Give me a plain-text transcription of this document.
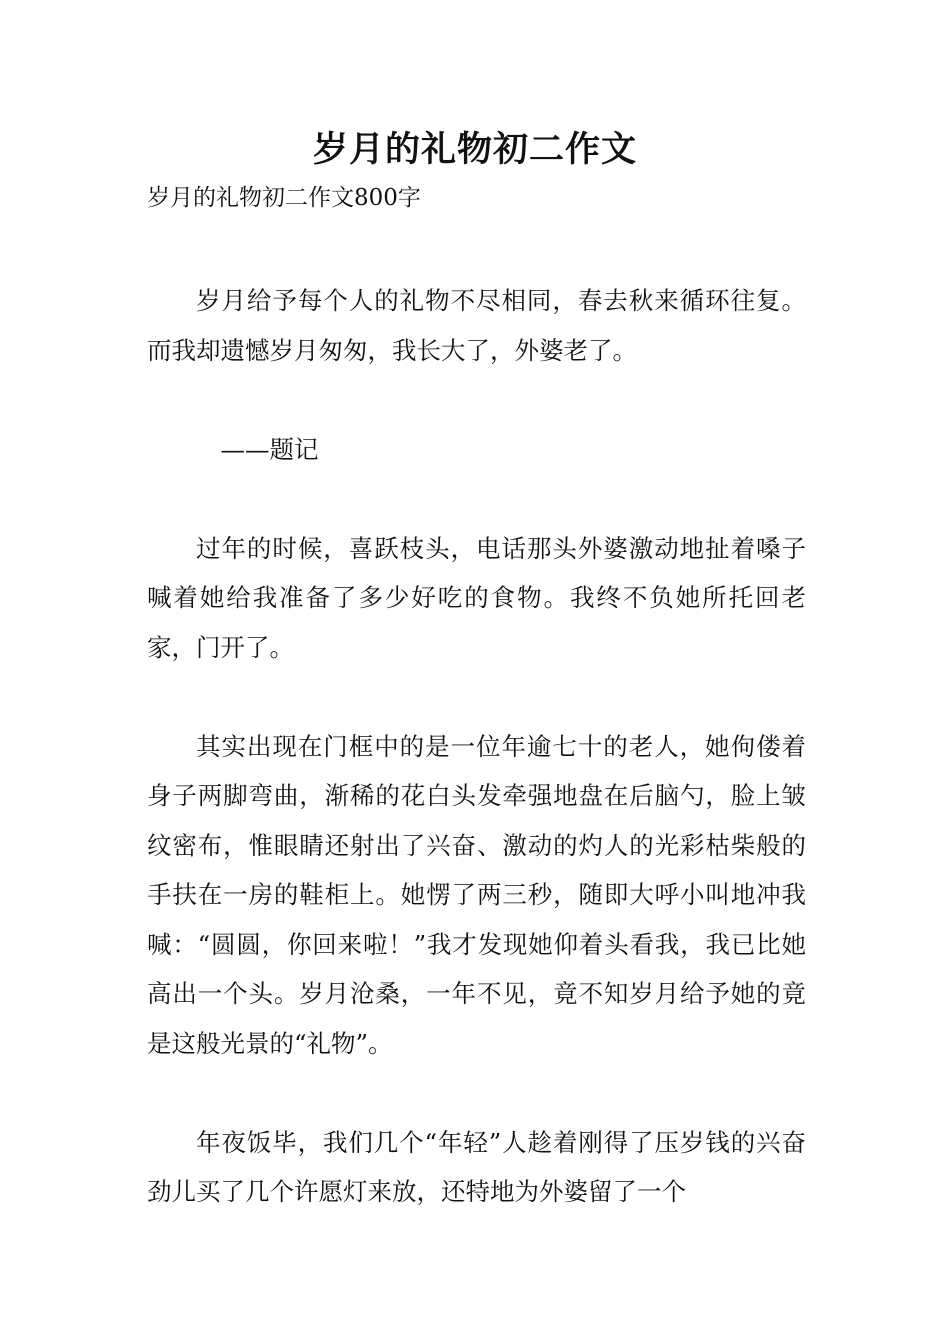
岁月的礼物初二作文
岁月的礼物初二作文800字

岁月给予每个人的礼物不尽相同，春去秋来循环往复。而我却遗憾岁月匆匆，我长大了，外婆老了。

——题记

过年的时候，喜跃枝头，电话那头外婆激动地扯着嗓子喊着她给我准备了多少好吃的食物。我终不负她所托回老家，门开了。

其实出现在门框中的是一位年逾七十的老人，她佝偻着身子两脚弯曲，渐稀的花白头发牵强地盘在后脑勺，脸上皱纹密布，惟眼睛还射出了兴奋、激动的灼人的光彩枯柴般的手扶在一房的鞋柜上。她愣了两三秒，随即大呼小叫地冲我喊：“圆圆，你回来啦！”我才发现她仰着头看我，我已比她高出一个头。岁月沧桑，一年不见，竟不知岁月给予她的竟是这般光景的“礼物”。

年夜饭毕，我们几个“年轻”人趁着刚得了压岁钱的兴奋劲儿买了几个许愿灯来放，还特地为外婆留了一个
